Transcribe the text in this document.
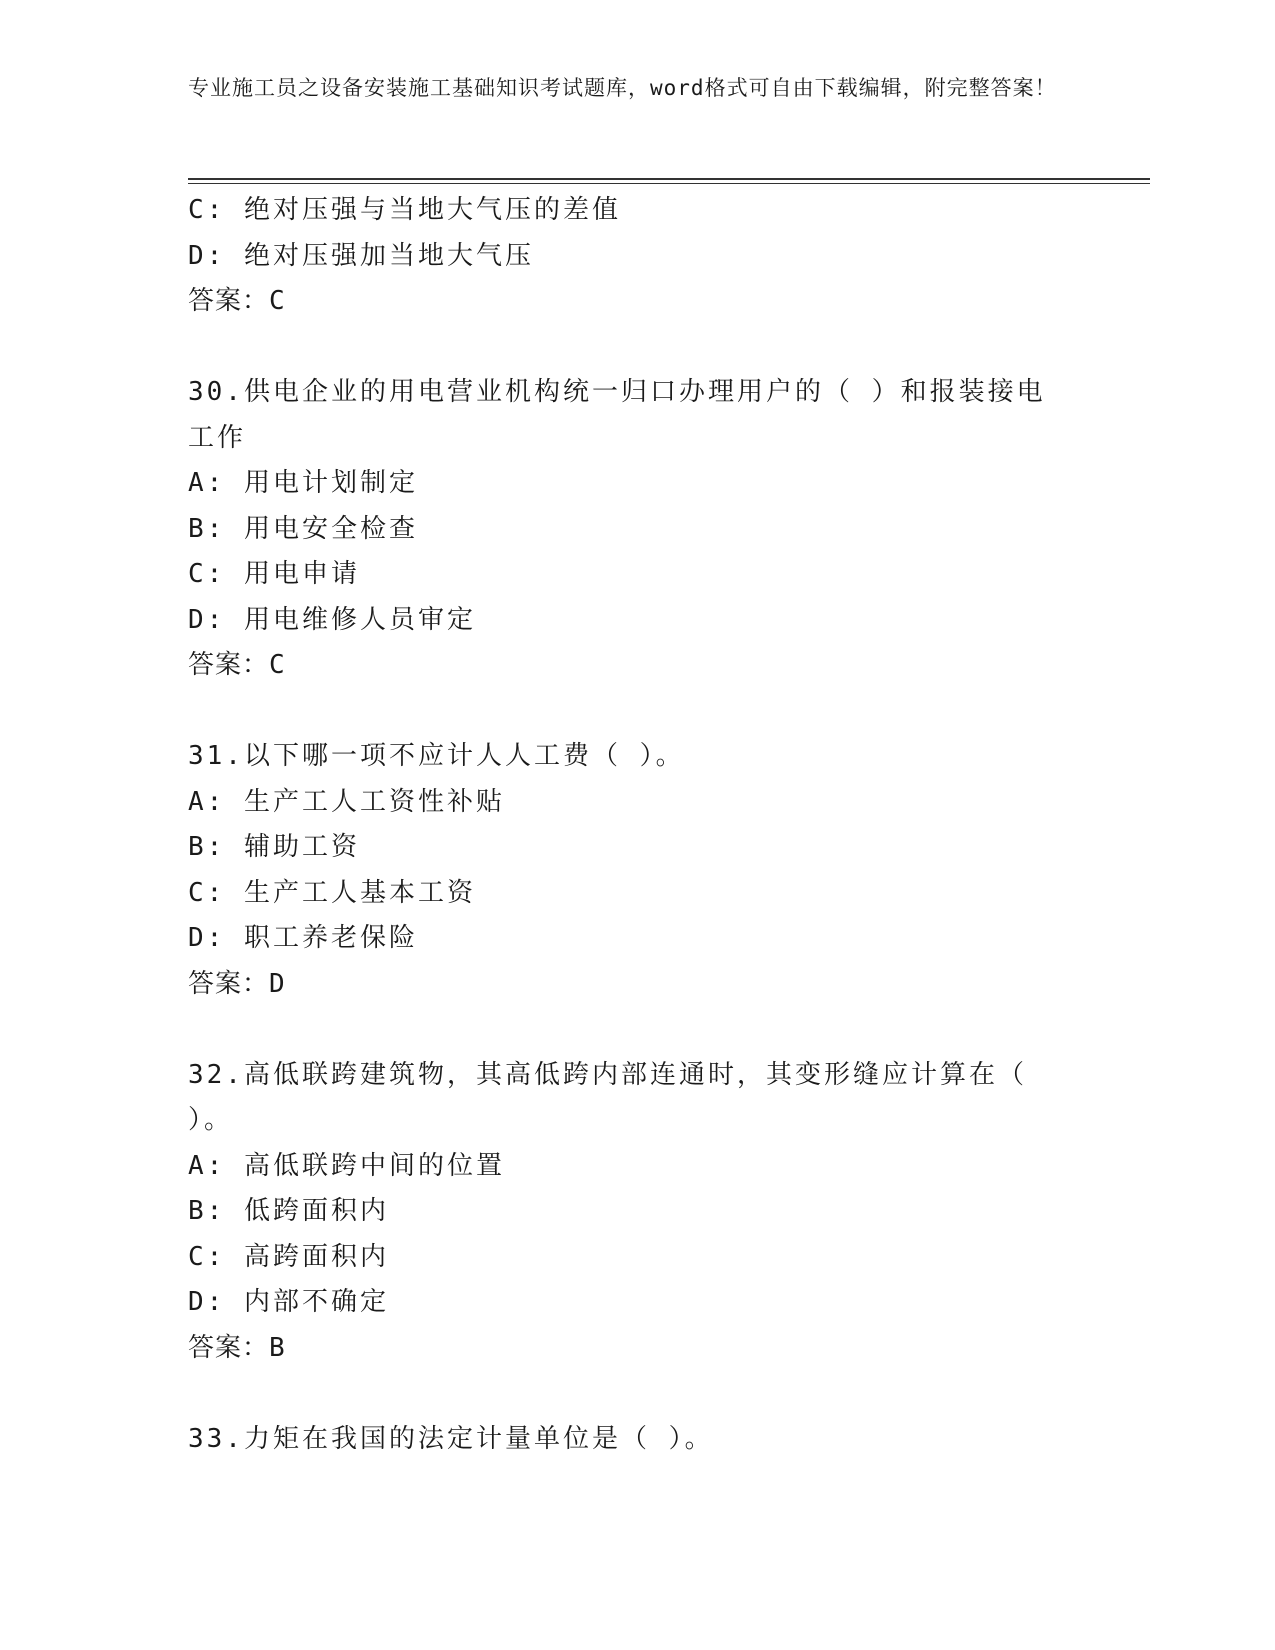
专业施工员之设备安装施工基础知识考试题库，word格式可自由下载编辑，附完整答案！

C: 绝对压强与当地大气压的差值

D: 绝对压强加当地大气压

答案：C

30.供电企业的用电营业机构统一归口办理用户的（ ）和报装接电工作

A: 用电计划制定

B: 用电安全检查

C: 用电申请

D: 用电维修人员审定

答案：C

31.以下哪一项不应计人人工费（ ）。

A: 生产工人工资性补贴

B: 辅助工资

C: 生产工人基本工资

D: 职工养老保险

答案：D

32.高低联跨建筑物，其高低跨内部连通时，其变形缝应计算在（ ）。

A: 高低联跨中间的位置

B: 低跨面积内

C: 高跨面积内

D: 内部不确定

答案：B

33.力矩在我国的法定计量单位是（ ）。
